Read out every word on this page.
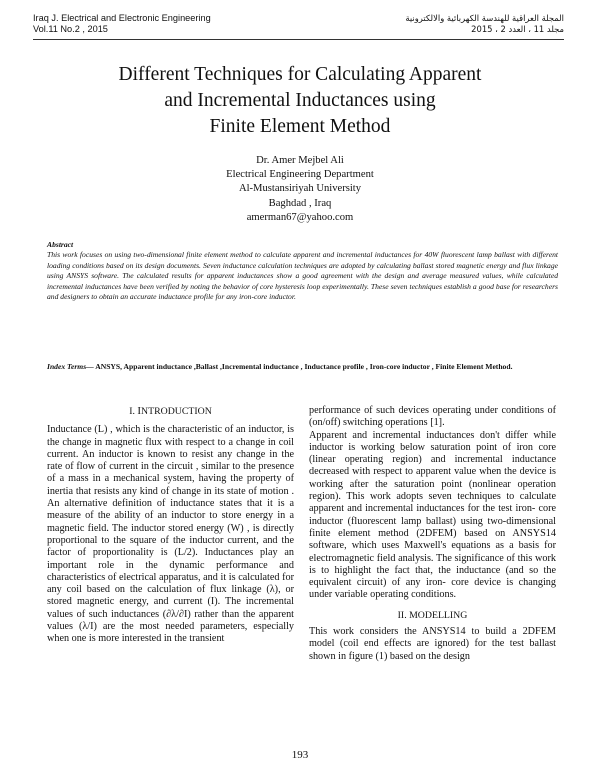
Iraq J. Electrical and Electronic Engineering
Vol.11 No.2 , 2015
المجلة العراقية للهندسة الكهربائية والالكترونية
مجلد 11 ، العدد 2 ، 2015
Different Techniques for Calculating Apparent
and Incremental Inductances using
Finite Element Method
Dr. Amer Mejbel Ali
Electrical Engineering Department
Al-Mustansiriyah University
Baghdad , Iraq
amerman67@yahoo.com
Abstract
This work focuses on using two-dimensional finite element method to calculate apparent and incremental inductances for 40W fluorescent lamp ballast with different loading conditions based on its design documents. Seven inductance calculation techniques are adopted by calculating ballast stored magnetic energy and flux linkage using ANSYS software. The calculated results for apparent inductances show a good agreement with the design and average measured values, while calculated incremental inductances have been verified by noting the behavior of core hysteresis loop experimentally. These seven techniques establish a good base for researchers and designers to obtain an accurate inductance profile for any iron-core inductor.
Index Terms— ANSYS, Apparent inductance ,Ballast ,Incremental inductance , Inductance profile , Iron-core inductor , Finite Element Method.
I. INTRODUCTION

Inductance (L) , which is the characteristic of an inductor, is the change in magnetic flux with respect to a change in coil current. An inductor is known to resist any change in the rate of flow of current in the circuit , similar to the presence of a mass in a mechanical system, having the property of inertia that resists any kind of change in its state of motion . An alternative definition of inductance states that it is a measure of the ability of an inductor to store energy in a magnetic field. The inductor stored energy (W) , is directly proportional to the square of the inductor current, and the factor of proportionality is (L/2). Inductances play an important role in the dynamic performance and characteristics of electrical apparatus, and it is calculated for any coil based on the calculation of flux linkage (λ), or stored magnetic energy, and current (I). The incremental values of such inductances (∂λ/∂I) rather than the apparent values (λ/I) are the most needed parameters, especially when one is more interested in the transient

performance of such devices operating under conditions of (on/off) switching operations [1].

Apparent and incremental inductances don't differ while inductor is working below saturation point of iron core (linear operating region) and incremental inductance decreased with respect to apparent value when the device is working after the saturation point (nonlinear operation region). This work adopts seven techniques to calculate apparent and incremental inductances for the test iron- core inductor (fluorescent lamp ballast) using two-dimensional finite element method (2DFEM) based on ANSYS14 software, which uses Maxwell's equations as a basis for electromagnetic field analysis. The significance of this work is to highlight the fact that, the inductance (and so the equivalent circuit) of any iron- core device is changing under variable operating conditions.

II. MODELLING

This work considers the ANSYS14 to build a 2DFEM model (coil end effects are ignored) for the test ballast shown in figure (1) based on the design

193
